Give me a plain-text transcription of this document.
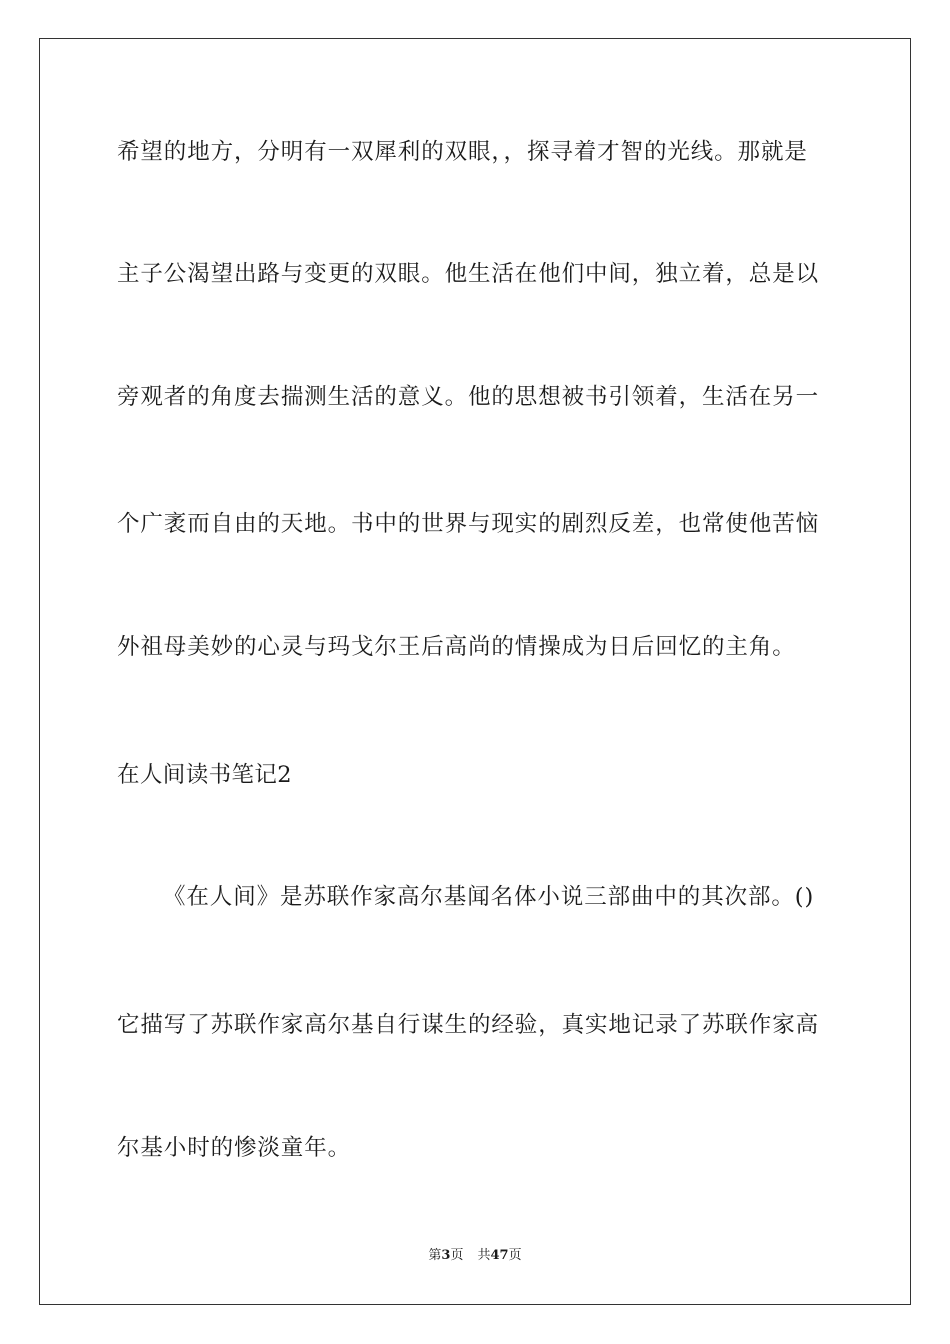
希望的地方，分明有一双犀利的双眼，，探寻着才智的光线。那就是
主子公渴望出路与变更的双眼。他生活在他们中间，独立着，总是以
旁观者的角度去揣测生活的意义。他的思想被书引领着，生活在另一
个广袤而自由的天地。书中的世界与现实的剧烈反差，也常使他苦恼
外祖母美妙的心灵与玛戈尔王后高尚的情操成为日后回忆的主角。
在人间读书笔记2
《在人间》是苏联作家高尔基闻名体小说三部曲中的其次部。()
它描写了苏联作家高尔基自行谋生的经验，真实地记录了苏联作家高
尔基小时的惨淡童年。
第3页 共47页
